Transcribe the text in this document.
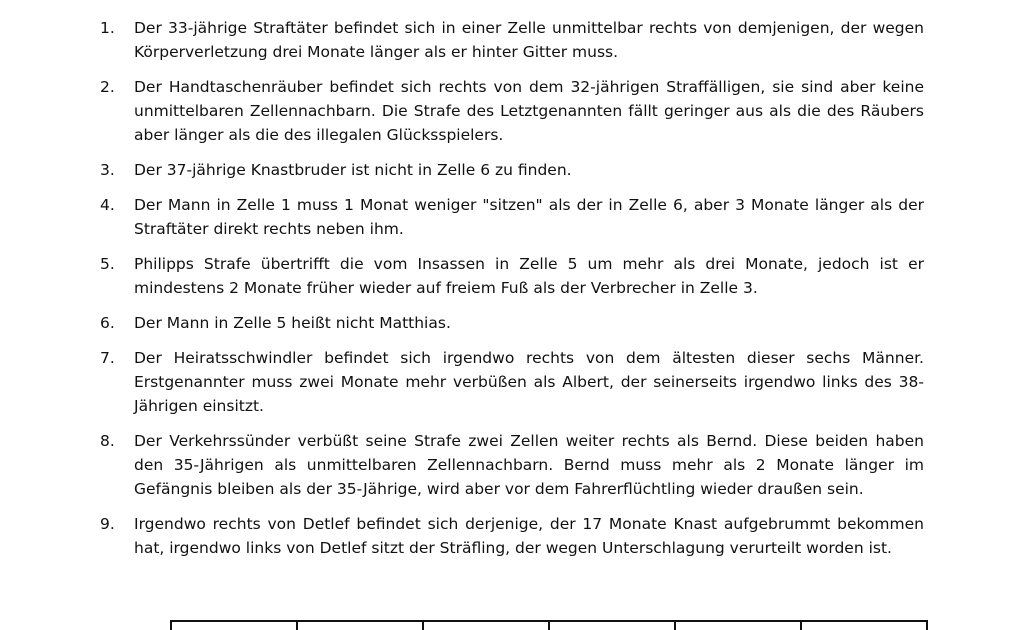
1.	Der 33-jährige Straftäter befindet sich in einer Zelle unmittelbar rechts von demjenigen, der wegen Körperverletzung drei Monate länger als er hinter Gitter muss.
2.	Der Handtaschenräuber befindet sich rechts von dem 32-jährigen Straffälligen, sie sind aber keine unmittelbaren Zellennachbarn. Die Strafe des Letztgenannten fällt geringer aus als die des Räubers aber länger als die des illegalen Glücksspielers.
3.	Der 37-jährige Knastbruder ist nicht in Zelle 6 zu finden.
4.	Der Mann in Zelle 1 muss 1 Monat weniger "sitzen" als der in Zelle 6, aber 3 Monate länger als der Straftäter direkt rechts neben ihm.
5.	Philipps Strafe übertrifft die vom Insassen in Zelle 5 um mehr als drei Monate, jedoch ist er mindestens 2 Monate früher wieder auf freiem Fuß als der Verbrecher in Zelle 3.
6.	Der Mann in Zelle 5 heißt nicht Matthias.
7.	Der Heiratsschwindler befindet sich irgendwo rechts von dem ältesten dieser sechs Männer. Erstgenannter muss zwei Monate mehr verbüßen als Albert, der seinerseits irgendwo links des 38-Jährigen einsitzt.
8.	Der Verkehrssünder verbüßt seine Strafe zwei Zellen weiter rechts als Bernd. Diese beiden haben den 35-Jährigen als unmittelbaren Zellennachbarn. Bernd muss mehr als 2 Monate länger im Gefängnis bleiben als der 35-Jährige, wird aber vor dem Fahrerflüchtling wieder draußen sein.
9.	Irgendwo rechts von Detlef befindet sich derjenige, der 17 Monate Knast aufgebrummt bekommen hat, irgendwo links von Detlef sitzt der Sträfling, der wegen Unterschlagung verurteilt worden ist.
